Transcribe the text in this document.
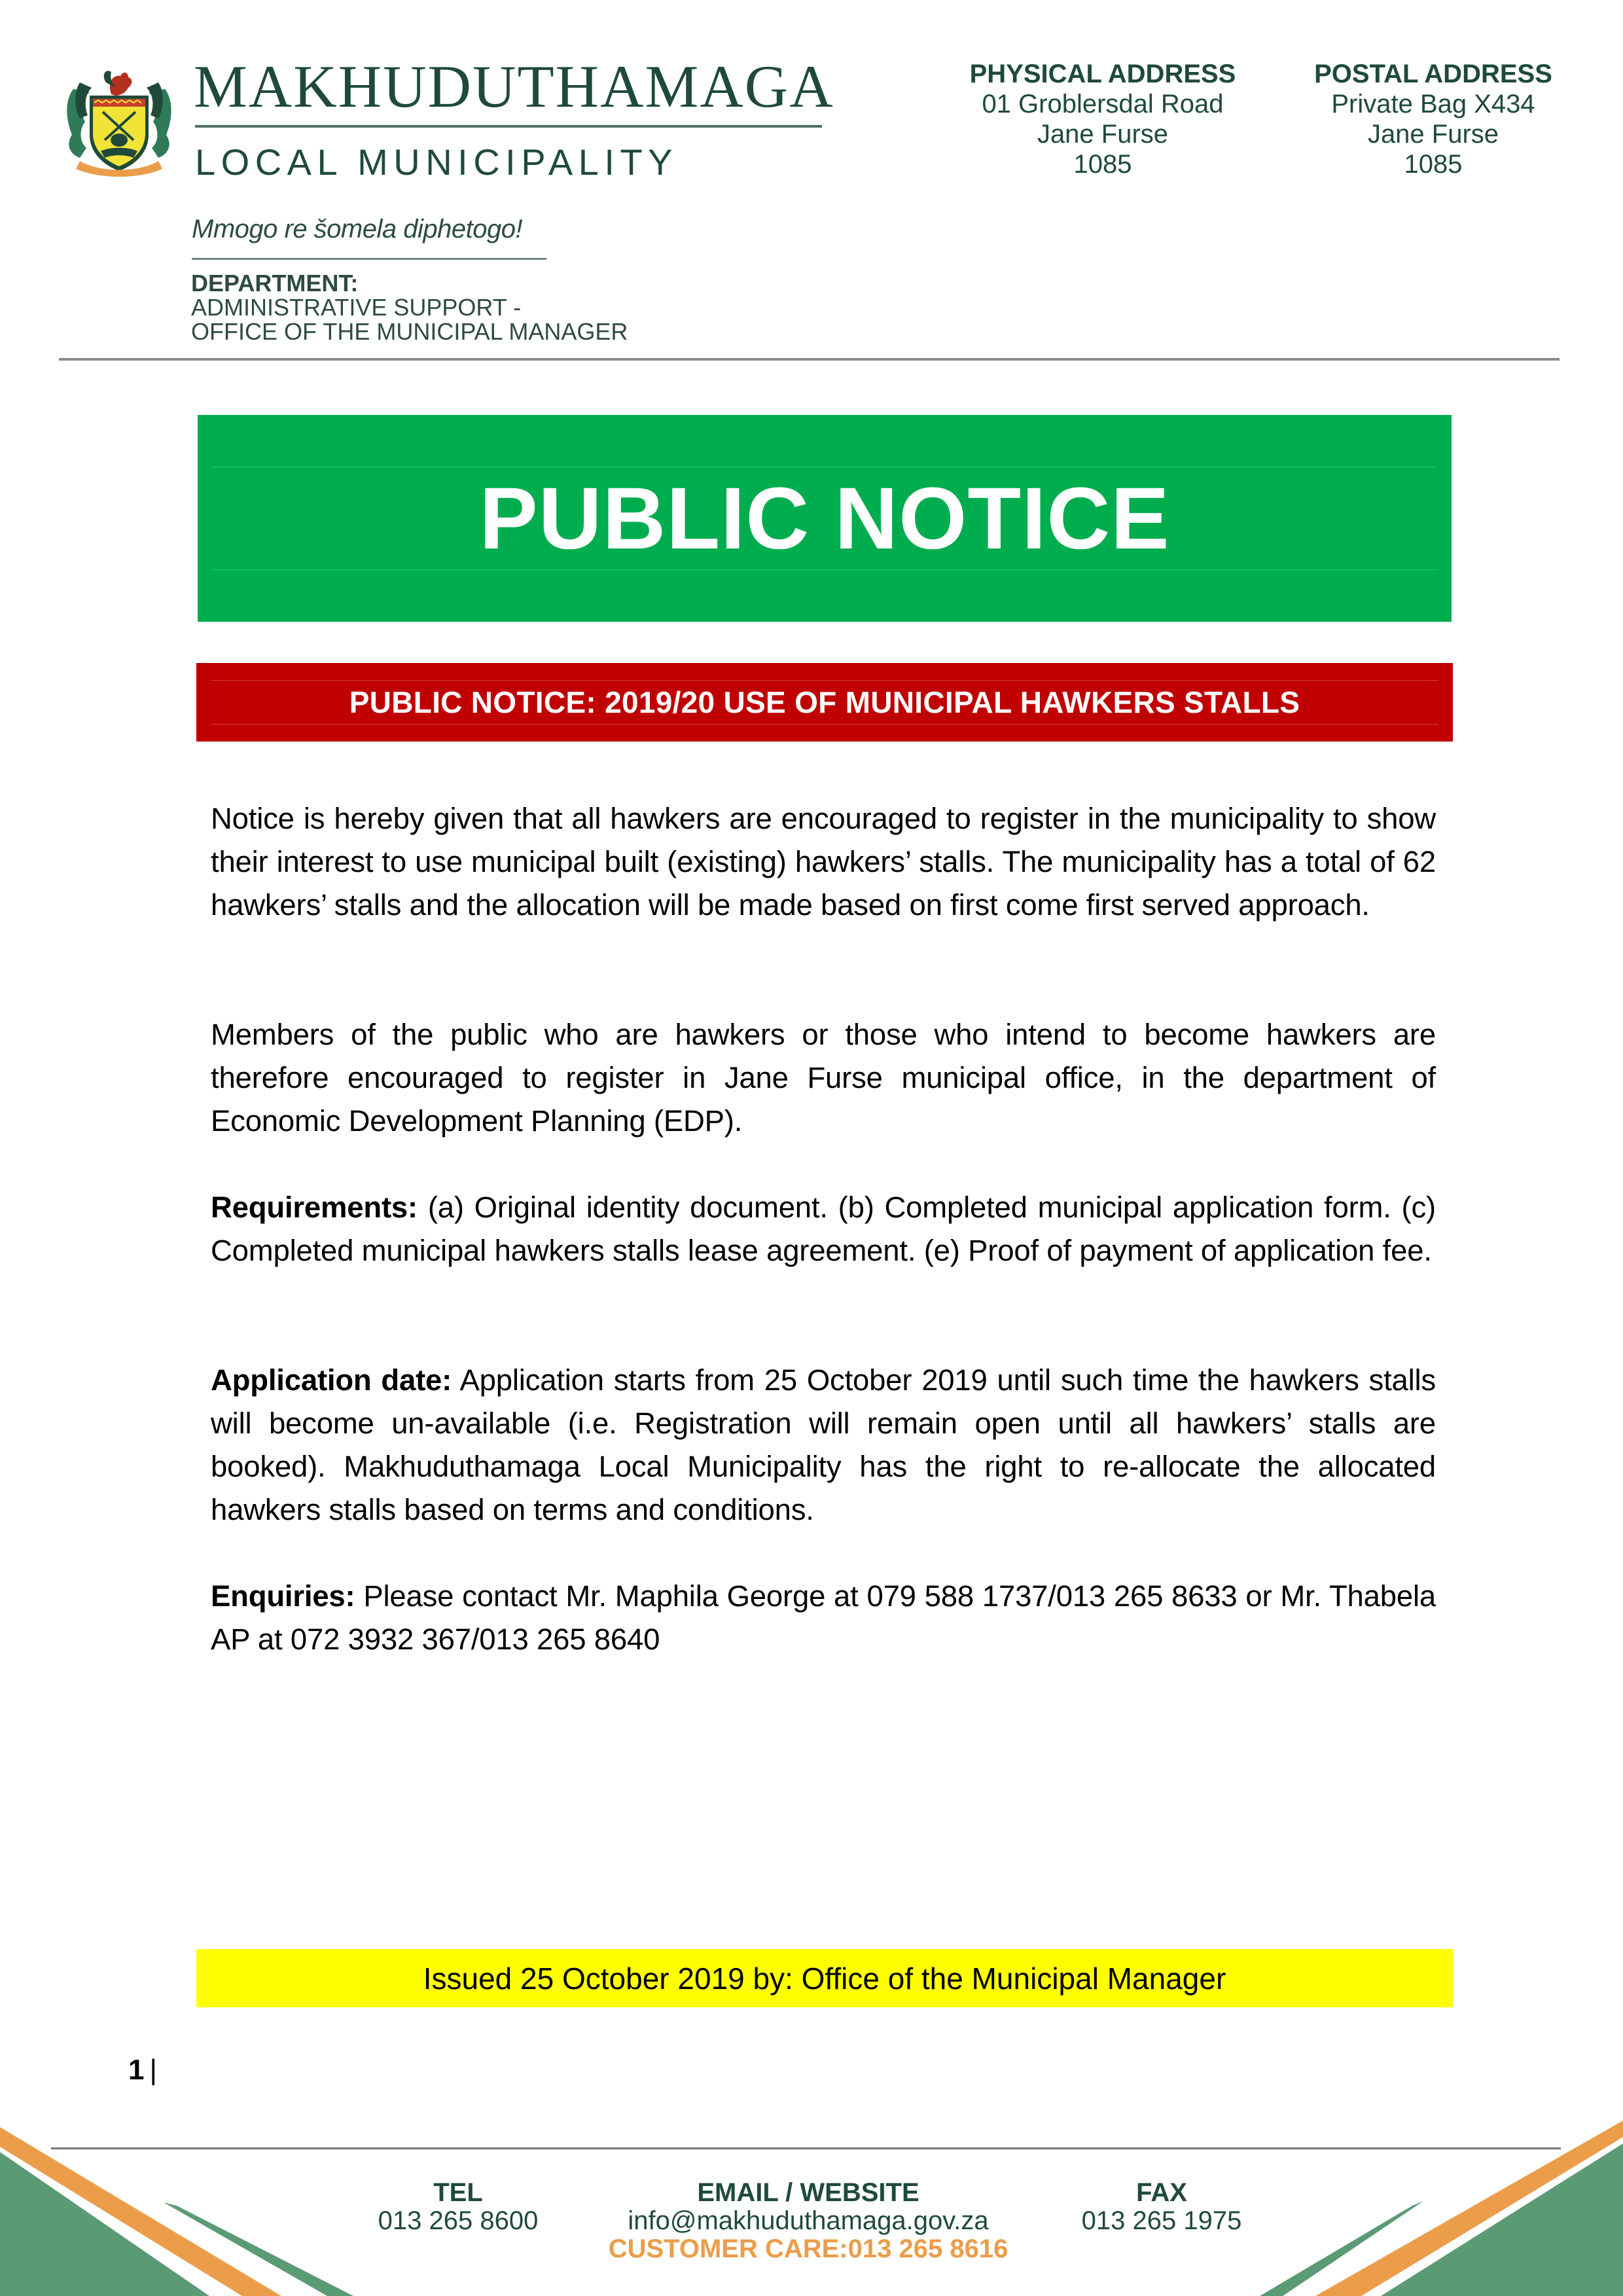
MAKHUDUTHAMAGA
LOCAL MUNICIPALITY
Mmogo re šomela diphetogo!
DEPARTMENT:
ADMINISTRATIVE SUPPORT -
OFFICE OF THE MUNICIPAL MANAGER
PHYSICAL ADDRESS
01 Groblersdal Road
Jane Furse
1085
POSTAL ADDRESS
Private Bag X434
Jane Furse
1085
PUBLIC NOTICE
PUBLIC NOTICE: 2019/20 USE OF MUNICIPAL HAWKERS STALLS
Notice is hereby given that all hawkers are encouraged to register in the municipality to show their interest to use municipal built (existing) hawkers’ stalls. The municipality has a total of 62 hawkers’ stalls and the allocation will be made based on first come first served approach.
Members of the public who are hawkers or those who intend to become hawkers are therefore encouraged to register in Jane Furse municipal office, in the department of Economic Development Planning (EDP).
Requirements: (a) Original identity document. (b) Completed municipal application form. (c) Completed municipal hawkers stalls lease agreement. (e) Proof of payment of application fee.
Application date: Application starts from 25 October 2019 until such time the hawkers stalls will become un-available (i.e. Registration will remain open until all hawkers’ stalls are booked). Makhuduthamaga Local Municipality has the right to re-allocate the allocated hawkers stalls based on terms and conditions.
Enquiries: Please contact Mr. Maphila George at 079 588 1737/013 265 8633 or Mr. Thabela AP at 072 3932 367/013 265 8640
Issued 25 October 2019 by: Office of the Municipal Manager
1 |
TEL
013 265 8600
EMAIL / WEBSITE
info@makhuduthamaga.gov.za
CUSTOMER CARE:013 265 8616
FAX
013 265 1975
